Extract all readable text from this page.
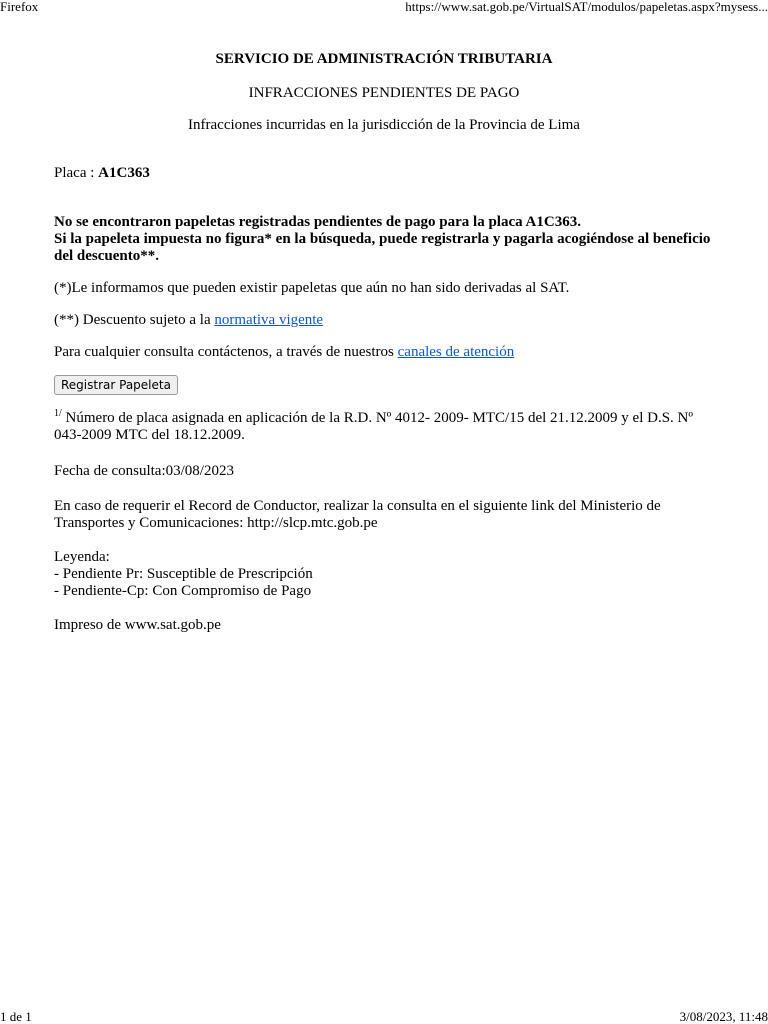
Firefox	https://www.sat.gob.pe/VirtualSAT/modulos/papeletas.aspx?mysess...
SERVICIO DE ADMINISTRACIÓN TRIBUTARIA
INFRACCIONES PENDIENTES DE PAGO
Infracciones incurridas en la jurisdicción de la Provincia de Lima
Placa : A1C363
No se encontraron papeletas registradas pendientes de pago para la placa A1C363.
Si la papeleta impuesta no figura* en la búsqueda, puede registrarla y pagarla acogiéndose al beneficio del descuento**.
(*)Le informamos que pueden existir papeletas que aún no han sido derivadas al SAT.
(**) Descuento sujeto a la normativa vigente
Para cualquier consulta contáctenos, a través de nuestros canales de atención
Registrar Papeleta
$^{1/}$ Número de placa asignada en aplicación de la R.D. Nº 4012- 2009- MTC/15 del 21.12.2009 y el D.S. Nº 043-2009 MTC del 18.12.2009.
Fecha de consulta:03/08/2023
En caso de requerir el Record de Conductor, realizar la consulta en el siguiente link del Ministerio de Transportes y Comunicaciones: http://slcp.mtc.gob.pe
Leyenda:
- Pendiente Pr: Susceptible de Prescripción
- Pendiente-Cp: Con Compromiso de Pago
Impreso de www.sat.gob.pe
1 de 1	3/08/2023, 11:48
